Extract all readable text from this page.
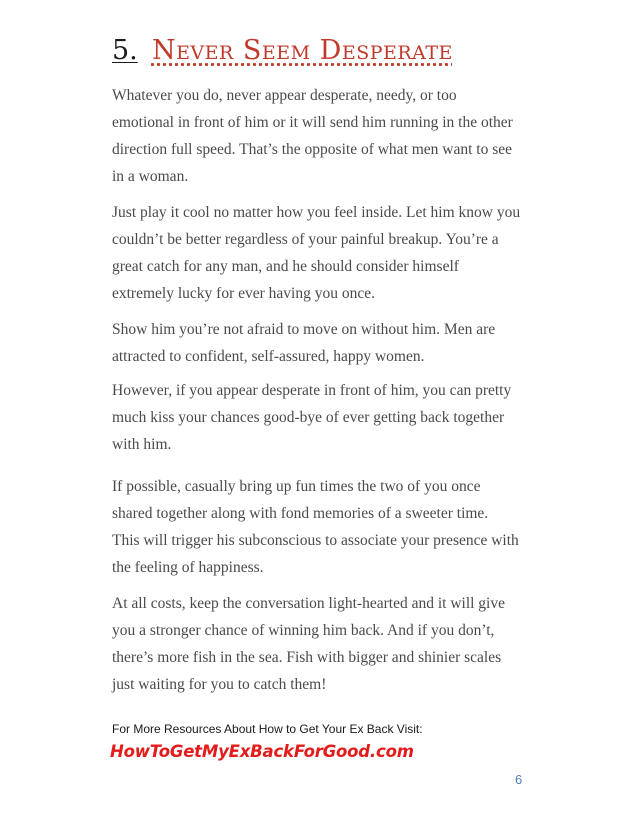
5. Never Seem Desperate

Whatever you do, never appear desperate, needy, or too
emotional in front of him or it will send him running in the other
direction full speed. That’s the opposite of what men want to see
in a woman.

Just play it cool no matter how you feel inside. Let him know you
couldn’t be better regardless of your painful breakup. You’re a
great catch for any man, and he should consider himself
extremely lucky for ever having you once.

Show him you’re not afraid to move on without him. Men are
attracted to confident, self-assured, happy women.

However, if you appear desperate in front of him, you can pretty
much kiss your chances good-bye of ever getting back together
with him.

If possible, casually bring up fun times the two of you once
shared together along with fond memories of a sweeter time.
This will trigger his subconscious to associate your presence with
the feeling of happiness.

At all costs, keep the conversation light-hearted and it will give
you a stronger chance of winning him back. And if you don’t,
there’s more fish in the sea. Fish with bigger and shinier scales
just waiting for you to catch them!

For More Resources About How to Get Your Ex Back Visit:

HowToGetMyExBackForGood.com
6
